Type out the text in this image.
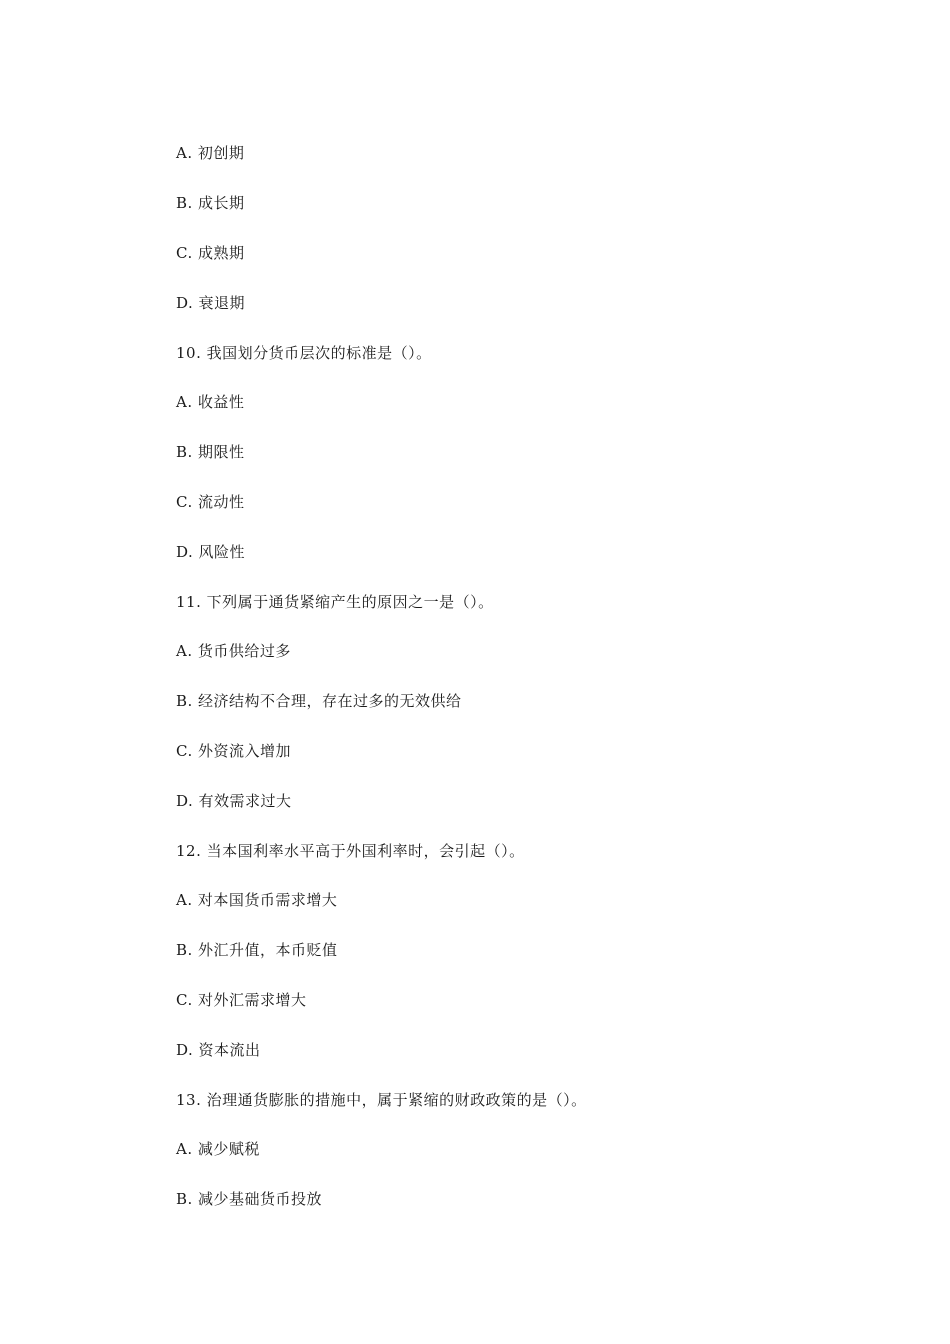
A. 初创期
B. 成长期
C. 成熟期
D. 衰退期
10. 我国划分货币层次的标准是（）。
A. 收益性
B. 期限性
C. 流动性
D. 风险性
11. 下列属于通货紧缩产生的原因之一是（）。
A. 货币供给过多
B. 经济结构不合理，存在过多的无效供给
C. 外资流入增加
D. 有效需求过大
12. 当本国利率水平高于外国利率时，会引起（）。
A. 对本国货币需求增大
B. 外汇升值，本币贬值
C. 对外汇需求增大
D. 资本流出
13. 治理通货膨胀的措施中，属于紧缩的财政政策的是（）。
A. 减少赋税
B. 减少基础货币投放
